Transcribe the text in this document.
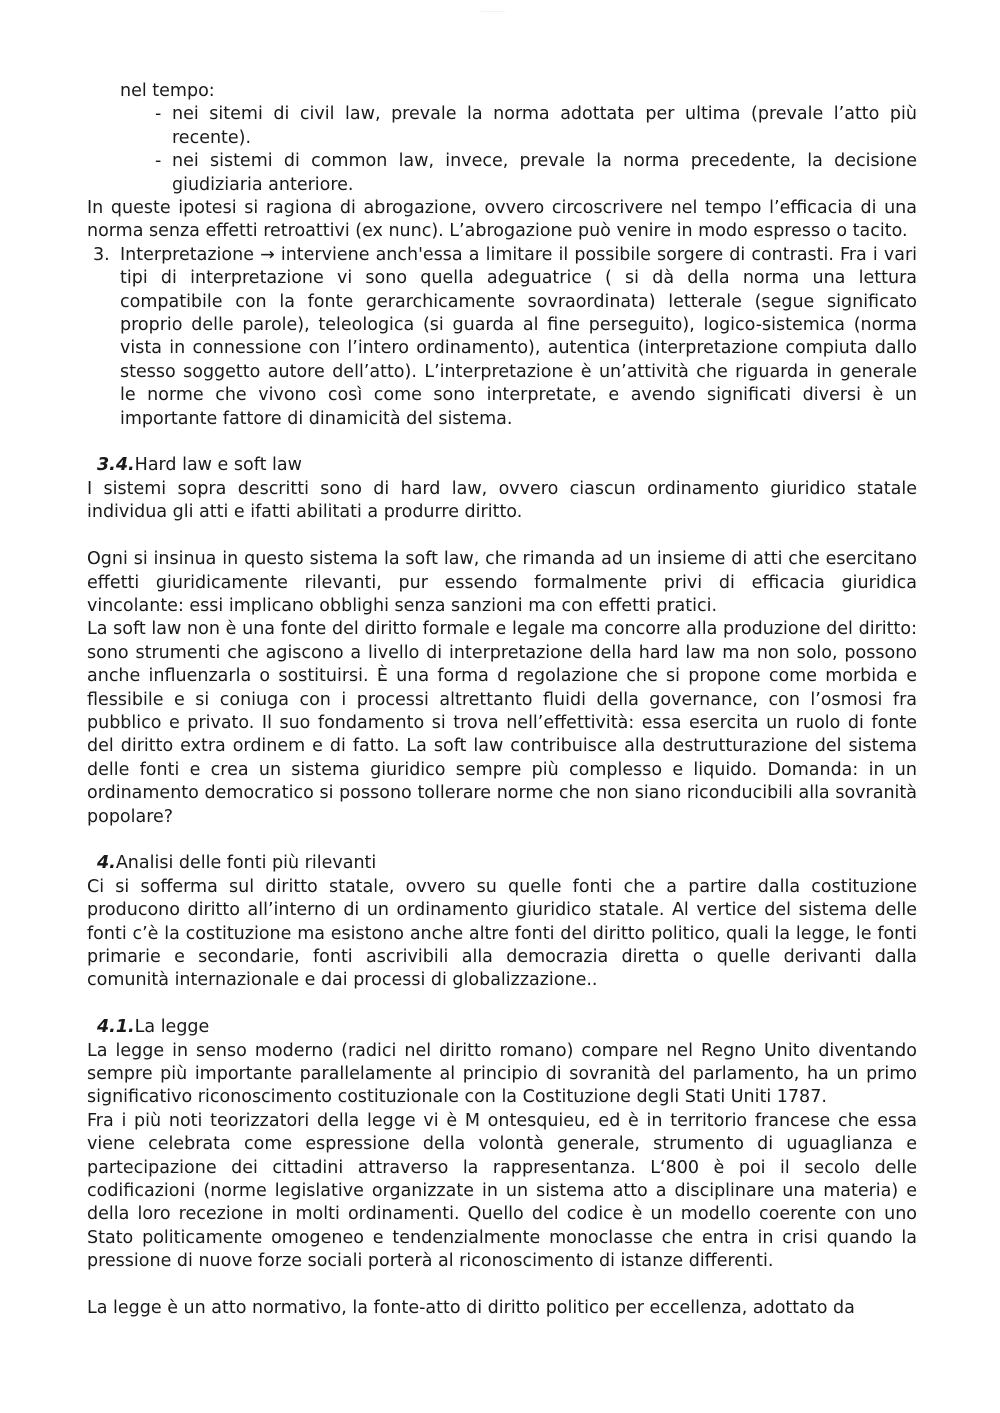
~~~~~~~~~~

nel tempo:

- nei sitemi di civil law, prevale la norma adottata per ultima (prevale l’atto più recente).
- nei sistemi di common law, invece, prevale la norma precedente, la decisione giudiziaria anteriore.

In queste ipotesi si ragiona di abrogazione, ovvero circoscrivere nel tempo l’efficacia di una norma senza effetti retroattivi (ex nunc). L’abrogazione può venire in modo espresso o tacito.

3. Interpretazione → interviene anch'essa a limitare il possibile sorgere di contrasti. Fra i vari tipi di interpretazione vi sono quella adeguatrice ( si dà della norma una lettura compatibile con la fonte gerarchicamente sovraordinata) letterale (segue significato proprio delle parole), teleologica (si guarda al fine perseguito), logico-sistemica (norma vista in connessione con l’intero ordinamento), autentica (interpretazione compiuta dallo stesso soggetto autore dell’atto). L’interpretazione è un’attività che riguarda in generale le norme che vivono così come sono interpretate, e avendo significati diversi è un importante fattore di dinamicità del sistema.
3.4.Hard law e soft law

I sistemi sopra descritti sono di hard law, ovvero ciascun ordinamento giuridico statale individua gli atti e ifatti abilitati a produrre diritto.

Ogni si insinua in questo sistema la soft law, che rimanda ad un insieme di atti che esercitano effetti giuridicamente rilevanti, pur essendo formalmente privi di efficacia giuridica vincolante: essi implicano obblighi senza sanzioni ma con effetti pratici.

La soft law non è una fonte del diritto formale e legale ma concorre alla produzione del diritto: sono strumenti che agiscono a livello di interpretazione della hard law ma non solo, possono anche influenzarla o sostituirsi. È una forma d regolazione che si propone come morbida e flessibile e si coniuga con i processi altrettanto fluidi della governance, con l’osmosi fra pubblico e privato. Il suo fondamento si trova nell’effettività: essa esercita un ruolo di fonte del diritto extra ordinem e di fatto. La soft law contribuisce alla destrutturazione del sistema delle fonti e crea un sistema giuridico sempre più complesso e liquido. Domanda: in un ordinamento democratico si possono tollerare norme che non siano riconducibili alla sovranità popolare?

4.Analisi delle fonti più rilevanti

Ci si sofferma sul diritto statale, ovvero su quelle fonti che a partire dalla costituzione producono diritto all’interno di un ordinamento giuridico statale. Al vertice del sistema delle fonti c’è la costituzione ma esistono anche altre fonti del diritto politico, quali la legge, le fonti primarie e secondarie, fonti ascrivibili alla democrazia diretta o quelle derivanti dalla comunità internazionale e dai processi di globalizzazione..

4.1.La legge

La legge in senso moderno (radici nel diritto romano) compare nel Regno Unito diventando sempre più importante parallelamente al principio di sovranità del parlamento, ha un primo significativo riconoscimento costituzionale con la Costituzione degli Stati Uniti 1787.

Fra i più noti teorizzatori della legge vi è M ontesquieu, ed è in territorio francese che essa viene celebrata come espressione della volontà generale, strumento di uguaglianza e partecipazione dei cittadini attraverso la rappresentanza. L‘800 è poi il secolo delle codificazioni (norme legislative organizzate in un sistema atto a disciplinare una materia) e della loro recezione in molti ordinamenti. Quello del codice è un modello coerente con uno Stato politicamente omogeneo e tendenzialmente monoclasse che entra in crisi quando la pressione di nuove forze sociali porterà al riconoscimento di istanze differenti.

La legge è un atto normativo, la fonte-atto di diritto politico per eccellenza, adottato da
